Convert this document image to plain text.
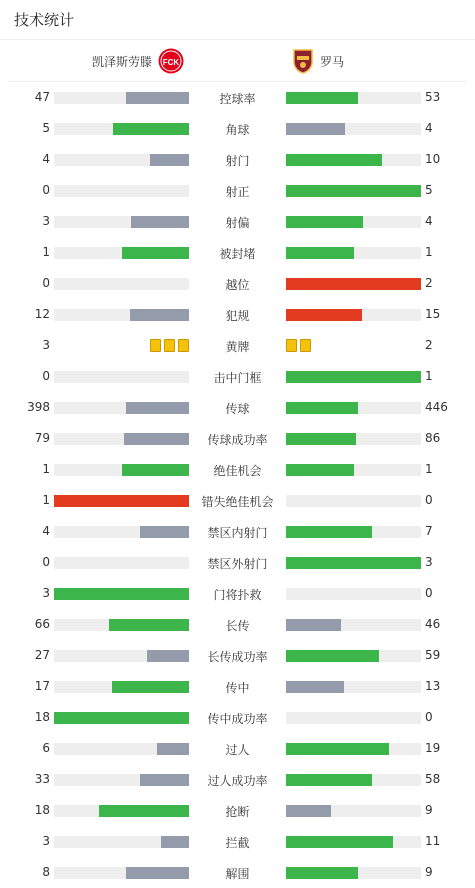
技术统计
凯泽斯劳滕 FCK	罗马
47	控球率	53
5	角球	4
4	射门	10
0	射正	5
3	射偏	4
1	被封堵	1
0	越位	2
12	犯规	15
3	黄牌	2
0	击中门框	1
398	传球	446
79	传球成功率	86
1	绝佳机会	1
1	错失绝佳机会	0
4	禁区内射门	7
0	禁区外射门	3
3	门将扑救	0
66	长传	46
27	长传成功率	59
17	传中	13
18	传中成功率	0
6	过人	19
33	过人成功率	58
18	抢断	9
3	拦截	11
8	解围	9
